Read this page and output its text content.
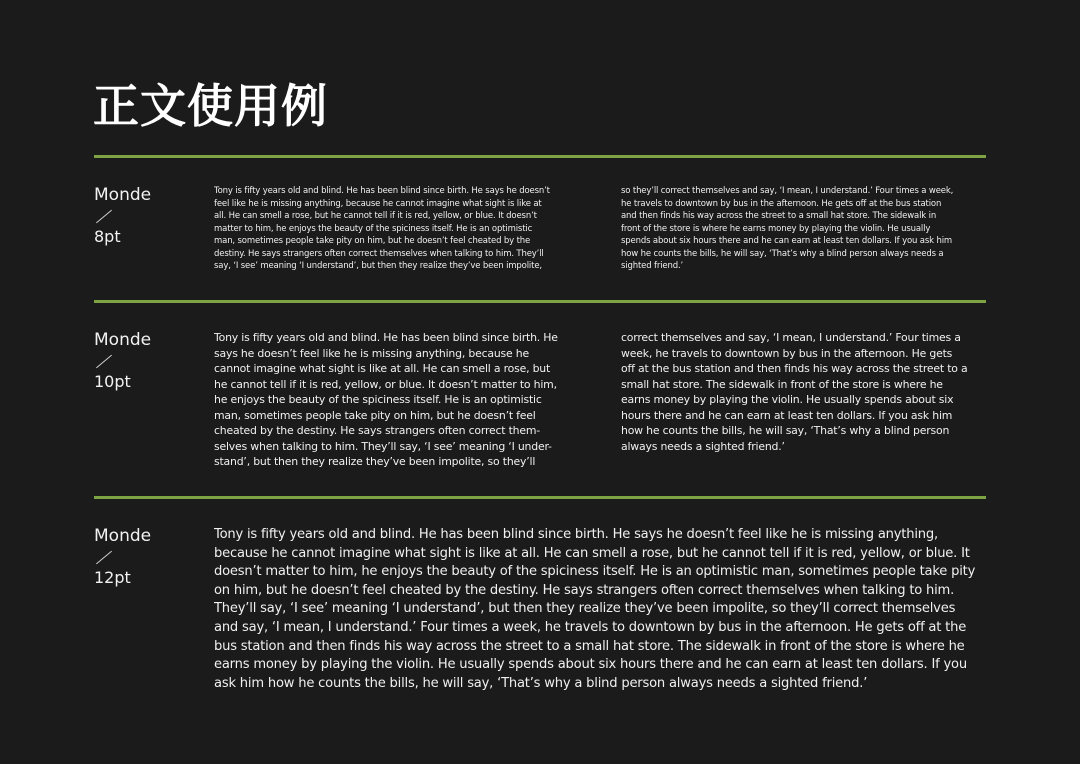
正文使用例
Monde
8pt
Tony is fifty years old and blind. He has been blind since birth. He says he doesn’t
feel like he is missing anything, because he cannot imagine what sight is like at
all. He can smell a rose, but he cannot tell if it is red, yellow, or blue. It doesn’t
matter to him, he enjoys the beauty of the spiciness itself. He is an optimistic
man, sometimes people take pity on him, but he doesn’t feel cheated by the
destiny. He says strangers often correct themselves when talking to him. They’ll
say, ‘I see’ meaning ‘I understand’, but then they realize they’ve been impolite,
so they’ll correct themselves and say, ‘I mean, I understand.’ Four times a week,
he travels to downtown by bus in the afternoon. He gets off at the bus station
and then finds his way across the street to a small hat store. The sidewalk in
front of the store is where he earns money by playing the violin. He usually
spends about six hours there and he can earn at least ten dollars. If you ask him
how he counts the bills, he will say, ‘That’s why a blind person always needs a
sighted friend.’
Monde
10pt
Tony is fifty years old and blind. He has been blind since birth. He
says he doesn’t feel like he is missing anything, because he
cannot imagine what sight is like at all. He can smell a rose, but
he cannot tell if it is red, yellow, or blue. It doesn’t matter to him,
he enjoys the beauty of the spiciness itself. He is an optimistic
man, sometimes people take pity on him, but he doesn’t feel
cheated by the destiny. He says strangers often correct them-
selves when talking to him. They’ll say, ‘I see’ meaning ‘I under-
stand’, but then they realize they’ve been impolite, so they’ll
correct themselves and say, ‘I mean, I understand.’ Four times a
week, he travels to downtown by bus in the afternoon. He gets
off at the bus station and then finds his way across the street to a
small hat store. The sidewalk in front of the store is where he
earns money by playing the violin. He usually spends about six
hours there and he can earn at least ten dollars. If you ask him
how he counts the bills, he will say, ‘That’s why a blind person
always needs a sighted friend.’
Monde
12pt
Tony is fifty years old and blind. He has been blind since birth. He says he doesn’t feel like he is missing anything,
because he cannot imagine what sight is like at all. He can smell a rose, but he cannot tell if it is red, yellow, or blue. It
doesn’t matter to him, he enjoys the beauty of the spiciness itself. He is an optimistic man, sometimes people take pity
on him, but he doesn’t feel cheated by the destiny. He says strangers often correct themselves when talking to him.
They’ll say, ‘I see’ meaning ‘I understand’, but then they realize they’ve been impolite, so they’ll correct themselves
and say, ‘I mean, I understand.’ Four times a week, he travels to downtown by bus in the afternoon. He gets off at the
bus station and then finds his way across the street to a small hat store. The sidewalk in front of the store is where he
earns money by playing the violin. He usually spends about six hours there and he can earn at least ten dollars. If you
ask him how he counts the bills, he will say, ‘That’s why a blind person always needs a sighted friend.’
